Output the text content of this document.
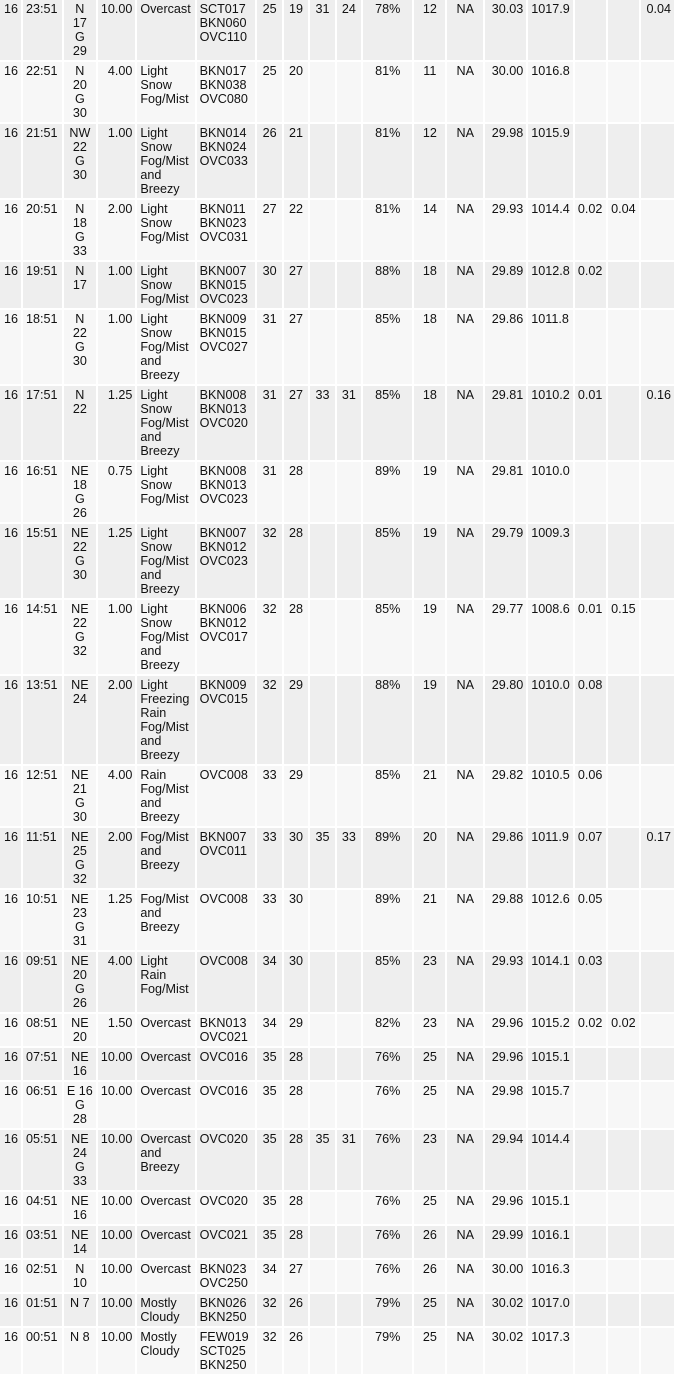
16	23:51	N 17 G 29	10.00	Overcast	SCT017 BKN060 OVC110	25	19	31	24	78%	12	NA	30.03	1017.9			0.04
16	22:51	N 20 G 30	4.00	Light Snow Fog/Mist	BKN017 BKN038 OVC080	25	20			81%	11	NA	30.00	1016.8			
16	21:51	NW 22 G 30	1.00	Light Snow Fog/Mist and Breezy	BKN014 BKN024 OVC033	26	21			81%	12	NA	29.98	1015.9			
16	20:51	N 18 G 33	2.00	Light Snow Fog/Mist	BKN011 BKN023 OVC031	27	22			81%	14	NA	29.93	1014.4	0.02	0.04	
16	19:51	N 17	1.00	Light Snow Fog/Mist	BKN007 BKN015 OVC023	30	27			88%	18	NA	29.89	1012.8	0.02		
16	18:51	N 22 G 30	1.00	Light Snow Fog/Mist and Breezy	BKN009 BKN015 OVC027	31	27			85%	18	NA	29.86	1011.8			
16	17:51	N 22	1.25	Light Snow Fog/Mist and Breezy	BKN008 BKN013 OVC020	31	27	33	31	85%	18	NA	29.81	1010.2	0.01		0.16
16	16:51	NE 18 G 26	0.75	Light Snow Fog/Mist	BKN008 BKN013 OVC023	31	28			89%	19	NA	29.81	1010.0			
16	15:51	NE 22 G 30	1.25	Light Snow Fog/Mist and Breezy	BKN007 BKN012 OVC023	32	28			85%	19	NA	29.79	1009.3			
16	14:51	NE 22 G 32	1.00	Light Snow Fog/Mist and Breezy	BKN006 BKN012 OVC017	32	28			85%	19	NA	29.77	1008.6	0.01	0.15	
16	13:51	NE 24	2.00	Light Freezing Rain Fog/Mist and Breezy	BKN009 OVC015	32	29			88%	19	NA	29.80	1010.0	0.08		
16	12:51	NE 21 G 30	4.00	Rain Fog/Mist and Breezy	OVC008	33	29			85%	21	NA	29.82	1010.5	0.06		
16	11:51	NE 25 G 32	2.00	Fog/Mist and Breezy	BKN007 OVC011	33	30	35	33	89%	20	NA	29.86	1011.9	0.07		0.17
16	10:51	NE 23 G 31	1.25	Fog/Mist and Breezy	OVC008	33	30			89%	21	NA	29.88	1012.6	0.05		
16	09:51	NE 20 G 26	4.00	Light Rain Fog/Mist	OVC008	34	30			85%	23	NA	29.93	1014.1	0.03		
16	08:51	NE 20	1.50	Overcast	BKN013 OVC021	34	29			82%	23	NA	29.96	1015.2	0.02	0.02	
16	07:51	NE 16	10.00	Overcast	OVC016	35	28			76%	25	NA	29.96	1015.1			
16	06:51	E 16 G 28	10.00	Overcast	OVC016	35	28			76%	25	NA	29.98	1015.7			
16	05:51	NE 24 G 33	10.00	Overcast and Breezy	OVC020	35	28	35	31	76%	23	NA	29.94	1014.4			
16	04:51	NE 16	10.00	Overcast	OVC020	35	28			76%	25	NA	29.96	1015.1			
16	03:51	NE 14	10.00	Overcast	OVC021	35	28			76%	26	NA	29.99	1016.1			
16	02:51	N 10	10.00	Overcast	BKN023 OVC250	34	27			76%	26	NA	30.00	1016.3			
16	01:51	N 7	10.00	Mostly Cloudy	BKN026 BKN250	32	26			79%	25	NA	30.02	1017.0			
16	00:51	N 8	10.00	Mostly Cloudy	FEW019 SCT025 BKN250	32	26			79%	25	NA	30.02	1017.3			
